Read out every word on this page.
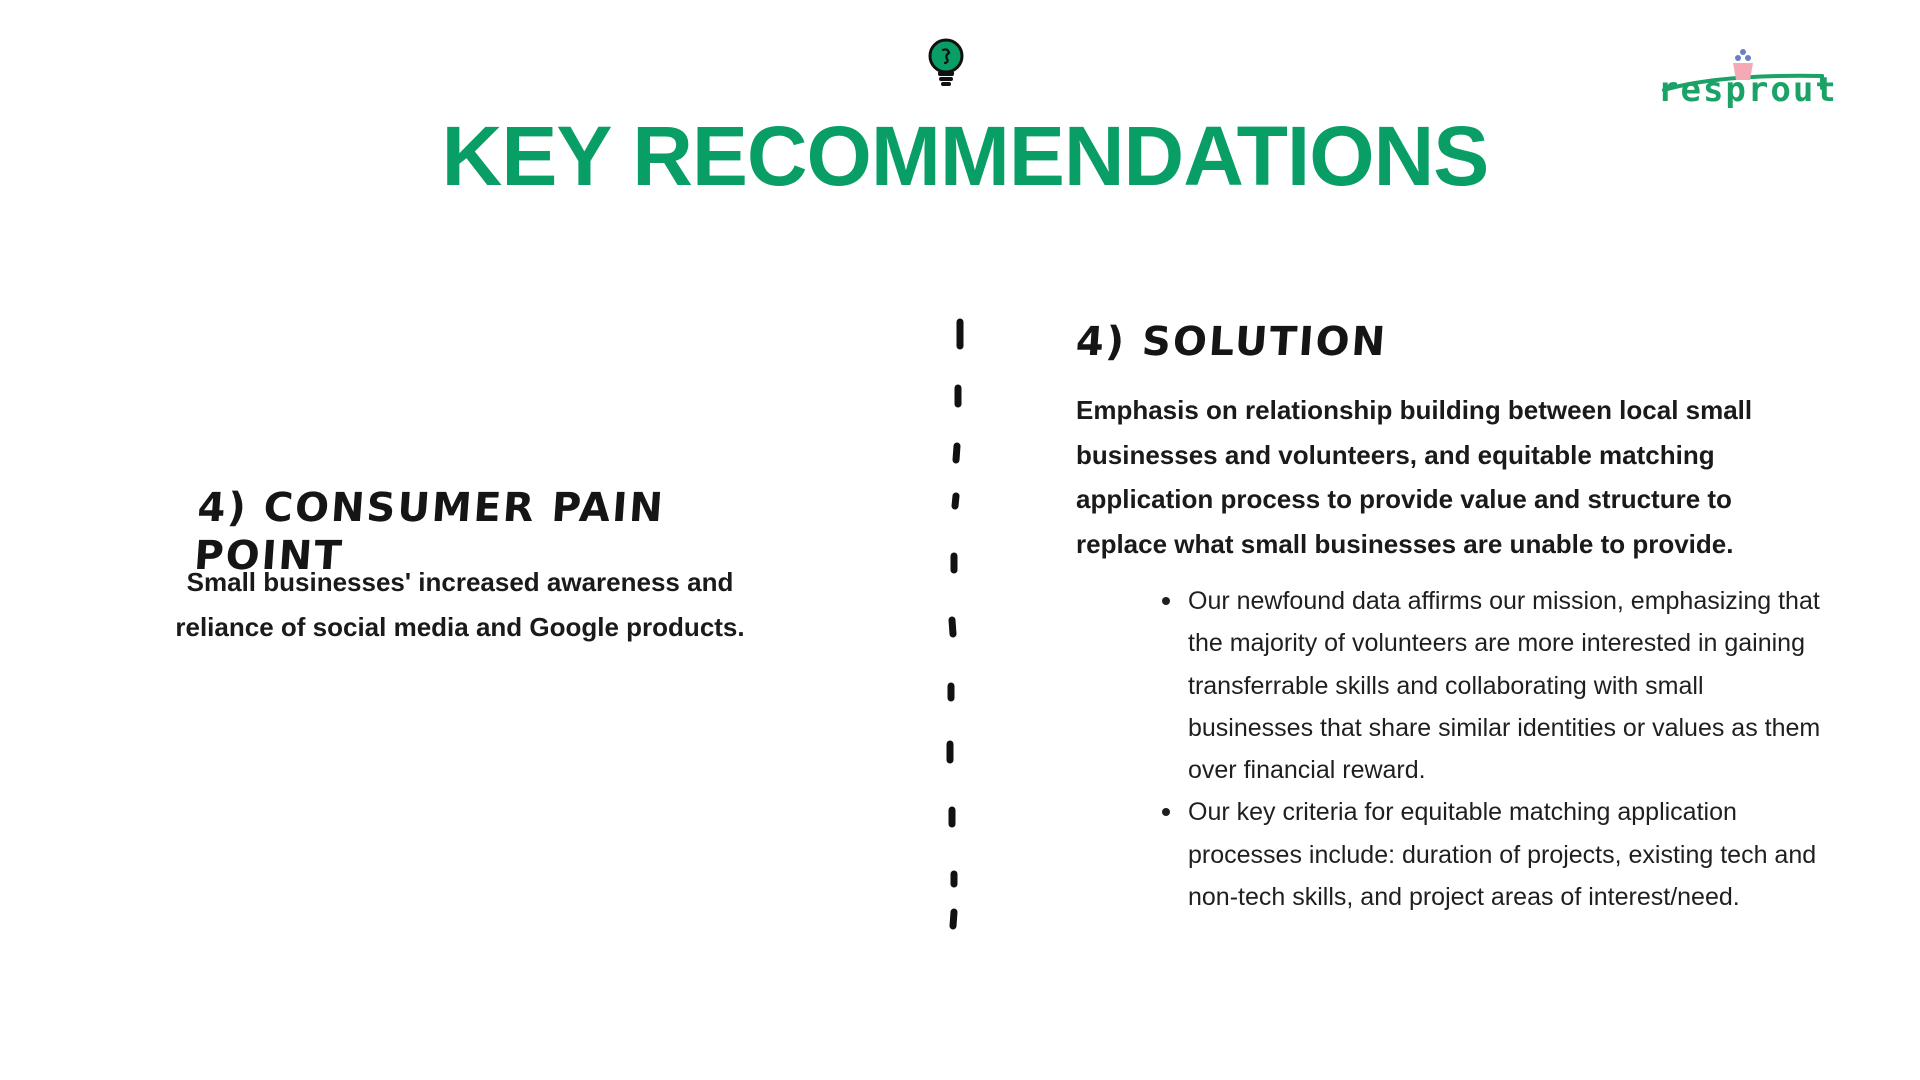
resprout
KEY RECOMMENDATIONS
4) CONSUMER PAIN POINT

Small businesses' increased awareness and reliance of social media and Google products.

4) SOLUTION

Emphasis on relationship building between local small businesses and volunteers, and equitable matching application process to provide value and structure to replace what small businesses are unable to provide.

Our newfound data affirms our mission, emphasizing that the majority of volunteers are more interested in gaining transferrable skills and collaborating with small businesses that share similar identities or values as them over financial reward.
Our key criteria for equitable matching application processes include: duration of projects, existing tech and non-tech skills, and project areas of interest/need.
